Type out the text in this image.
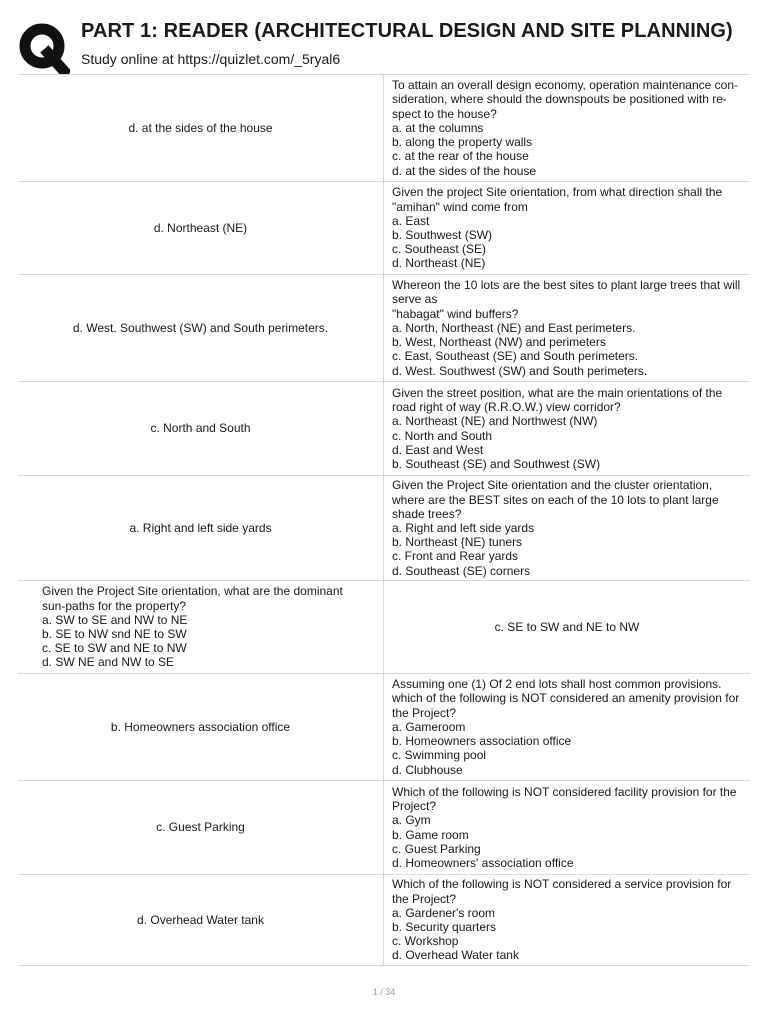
PART 1: READER (ARCHITECTURAL DESIGN AND SITE PLANNING)
Study online at https://quizlet.com/_5ryal6
d. at the sides of the house
To attain an overall design economy, operation maintenance con-
sideration, where should the downspouts be positioned with re-
spect to the house?
a. at the columns
b. along the property walls
c. at the rear of the house
d. at the sides of the house
d. Northeast (NE)
Given the project Site orientation, from what direction shall the
"amihan" wind come from
a. East
b. Southwest (SW)
c. Southeast (SE)
d. Northeast (NE)
d. West. Southwest (SW) and South perimeters.
Whereon the 10 lots are the best sites to plant large trees that will
serve as
"habagat" wind buffers?
a. North, Northeast (NE) and East perimeters.
b. West, Northeast (NW) and perimeters
c. East, Southeast (SE) and South perimeters.
d. West. Southwest (SW) and South perimeters.
c. North and South
Given the street position, what are the main orientations of the
road right of way (R.R.O.W.) view corridor?
a. Northeast (NE) and Northwest (NW)
c. North and South
d. East and West
b. Southeast (SE) and Southwest (SW)
a. Right and left side yards
Given the Project Site orientation and the cluster orientation,
where are the BEST sites on each of the 10 lots to plant large
shade trees?
a. Right and left side yards
b. Northeast {NE) tuners
c. Front and Rear yards
d. Southeast (SE) corners
Given the Project Site orientation, what are the dominant
sun-paths for the property?
a. SW to SE and NW to NE
b. SE to NW snd NE to SW
c. SE to SW and NE to NW
d. SW NE and NW to SE
c. SE to SW and NE to NW
b. Homeowners association office
Assuming one (1) Of 2 end lots shall host common provisions.
which of the following is NOT considered an amenity provision for
the Project?
a. Gameroom
b. Homeowners association office
c. Swimming pool
d. Clubhouse
c. Guest Parking
Which of the following is NOT considered facility provision for the
Project?
a. Gym
b. Game room
c. Guest Parking
d. Homeowners' association office
d. Overhead Water tank
Which of the following is NOT considered a service provision for
the Project?
a. Gardener's room
b. Security quarters
c. Workshop
d. Overhead Water tank
1 / 34
